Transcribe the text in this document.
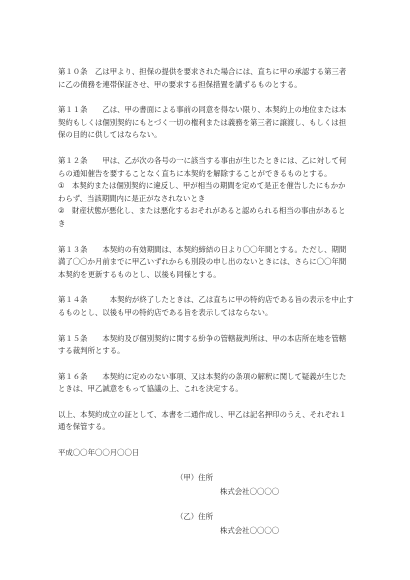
第１０条　乙は甲より、担保の提供を要求された場合には、直ちに甲の承認する第三者
に乙の債務を連帯保証させ、甲の要求する担保措置を講ずるものとする。
第１１条　　乙は、甲の書面による事前の同意を得ない限り、本契約上の地位または本
契約もしくは個別契約にもとづく一切の権利または義務を第三者に譲渡し、もしくは担
保の目的に供してはならない。
第１２条　　甲は、乙が次の各号の一に該当する事由が生じたときには、乙に対して何
らの通知催告を要することなく直ちに本契約を解除することができるものとする。
①　本契約または個別契約に違反し、甲が相当の期間を定めて是正を催告したにもかか
わらず、当該期間内に是正がなされないとき
②　財産状態が悪化し、または悪化するおそれがあると認められる相当の事由があると
き
第１３条　　本契約の有効期間は、本契約締結の日より〇〇年間とする。ただし、期間
満了〇〇か月前までに甲乙いずれからも別段の申し出のないときには、さらに〇〇年間
本契約を更新するものとし、以後も同様とする。
第１４条　　　本契約が終了したときは、乙は直ちに甲の特約店である旨の表示を中止す
るものとし、以後も甲の特約店である旨を表示してはならない。
第１５条　　本契約及び個別契約に関する紛争の管轄裁判所は、甲の本店所在地を管轄
する裁判所とする。
第１６条　　本契約に定めのない事項、又は本契約の条項の解釈に関して疑義が生じた
ときは、甲乙誠意をもって協議の上、これを決定する。
以上、本契約成立の証として、本書を二通作成し、甲乙は記名押印のうえ、それぞれ１
通を保管する。
平成〇〇年〇〇月〇〇日
（甲）住所
株式会社〇〇〇〇
（乙）住所
株式会社〇〇〇〇
